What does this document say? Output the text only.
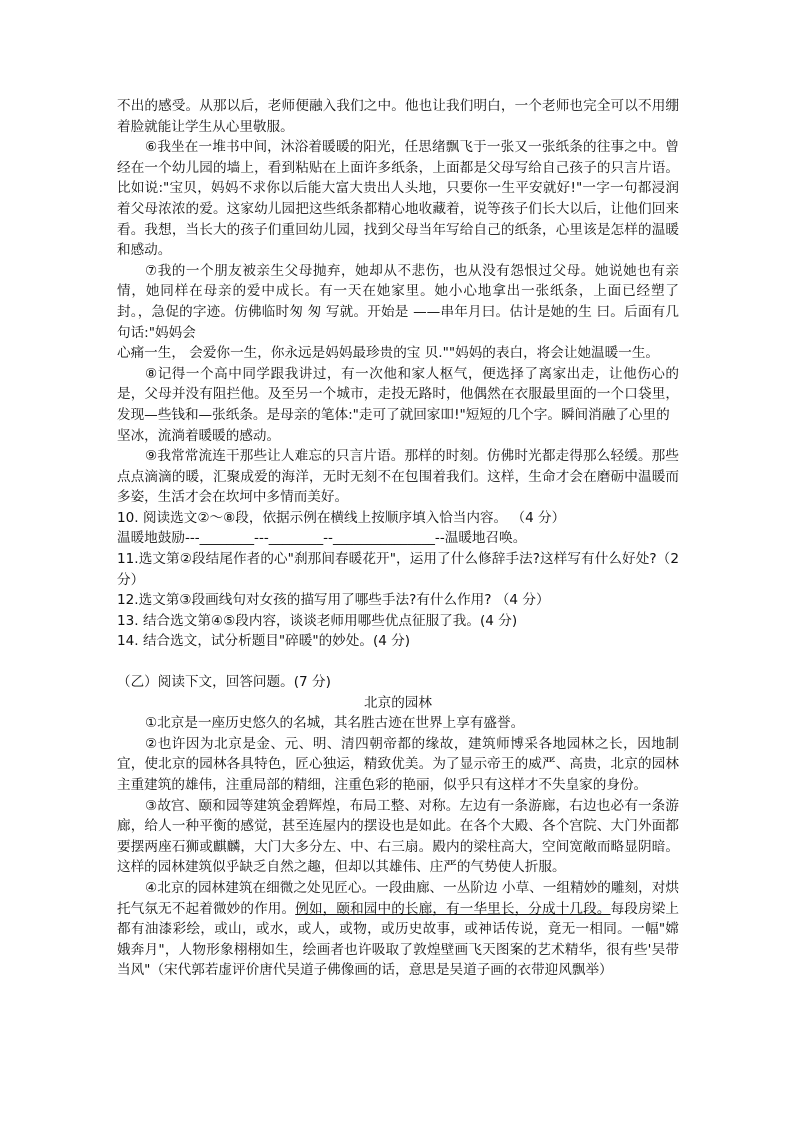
不出的感受。从那以后，老师便融入我们之中。他也让我们明白，一个老师也完全可以不用绷着脸就能让学生从心里敬服。

⑥我坐在一堆书中间，沐浴着暖暖的阳光，任思绪飘飞于一张又一张纸条的往事之中。曾经在一个幼儿园的墙上，看到粘贴在上面许多纸条，上面都是父母写给自己孩子的只言片语。比如说:"宝贝，妈妈不求你以后能大富大贵出人头地，只要你一生平安就好!"一字一句都浸润着父母浓浓的爱。这家幼儿园把这些纸条都精心地收藏着，说等孩子们长大以后，让他们回来看。我想，当长大的孩子们重回幼儿园，找到父母当年写给自己的纸条，心里该是怎样的温暖和感动。

⑦我的一个朋友被亲生父母抛弃，她却从不悲伤，也从没有怨恨过父母。她说她也有亲情，她同样在母亲的爱中成长。有一天在她家里。她小心地拿出一张纸条，上面已经塑了封。，急促的字迹。仿佛临时匆 匆 写就。开始是 ——串年月曰。估计是她的生 曰。后面有几句话:"妈妈会

心痛一生， 会爱你一生，你永远是妈妈最珍贵的宝 贝.""妈妈的表白，将会让她温暖一生。

⑧记得一个高中同学跟我讲过，有一次他和家人枢气，便选择了离家出走，让他伤心的是，父母并没有阻拦他。及至另一个城市，走投无路时，他偶然在衣服最里面的一个口袋里，发现—些钱和—张纸条。是母亲的笔体:"走可了就回家吅!"短短的几个字。瞬间消融了心里的

坚冰，流淌着暖暖的感动。

⑨我常常流连干那些让人难忘的只言片语。那样的时刻。仿佛时光都走得那么轻缓。那些点点滴滴的暖，汇聚成爱的海洋，无时无刻不在包围着我们。这样，生命才会在磨砺中温暖而多姿，生活才会在坎坷中多情而美好。

10. 阅读选文②～⑧段，依据示例在横线上按顺序填入恰当内容。 （4 分）

温暖地鼓励---________---________--_______________--温暖地召唤。

11.选文第②段结尾作者的心"刹那间春暖花开"，运用了什么修辞手法?这样写有什么好处?（2 分）

12.选文第③段画线句对女孩的描写用了哪些手法?有什么作用? （4 分）

13. 结合选文第④⑤段内容，谈谈老师用哪些优点征服了我。(4 分)

14. 结合选文，试分析题目"碎暖"的妙处。(4 分)

（乙）阅读下文，回答问题。(7 分)

北京的园林

①北京是一座历史悠久的名城，其名胜古迹在世界上享有盛誉。

②也许因为北京是金、元、明、清四朝帝都的缘故，建筑师博采各地园林之长，因地制宜，使北京的园林各具特色，匠心独运，精致优美。为了显示帝王的威严、高贵，北京的园林主重建筑的雄伟，注重局部的精细，注重色彩的艳丽，似乎只有这样才不失皇家的身份。

③故宫、颐和园等建筑金碧辉煌，布局工整、对称。左边有一条游廊，右边也必有一条游廊，给人一种平衡的感觉，甚至连屋内的摆设也是如此。在各个大殿、各个宫院、大门外面都要摆两座石狮或麒麟，大门大多分左、中、右三扇。殿内的梁柱高大，空间宽敞而略显阴暗。这样的园林建筑似乎缺乏自然之趣，但却以其雄伟、庄严的气势使人折服。

④北京的园林建筑在细微之处见匠心。一段曲廊、一丛阶边 小草、一组精妙的雕刻，对烘托气氛无不起着微妙的作用。例如，颐和园中的长廊，有一华里长，分成十几段。每段房梁上都有油漆彩绘，或山，或水，或人，或物，或历史故事，或神话传说，竟无一相同。一幅"嫦娥奔月"，人物形象栩栩如生，绘画者也许吸取了敦煌壁画飞天图案的艺术精华，很有些'吴带当风"（宋代郭若虚评价唐代吴道子佛像画的话，意思是吴道子画的衣带迎风飘举）
